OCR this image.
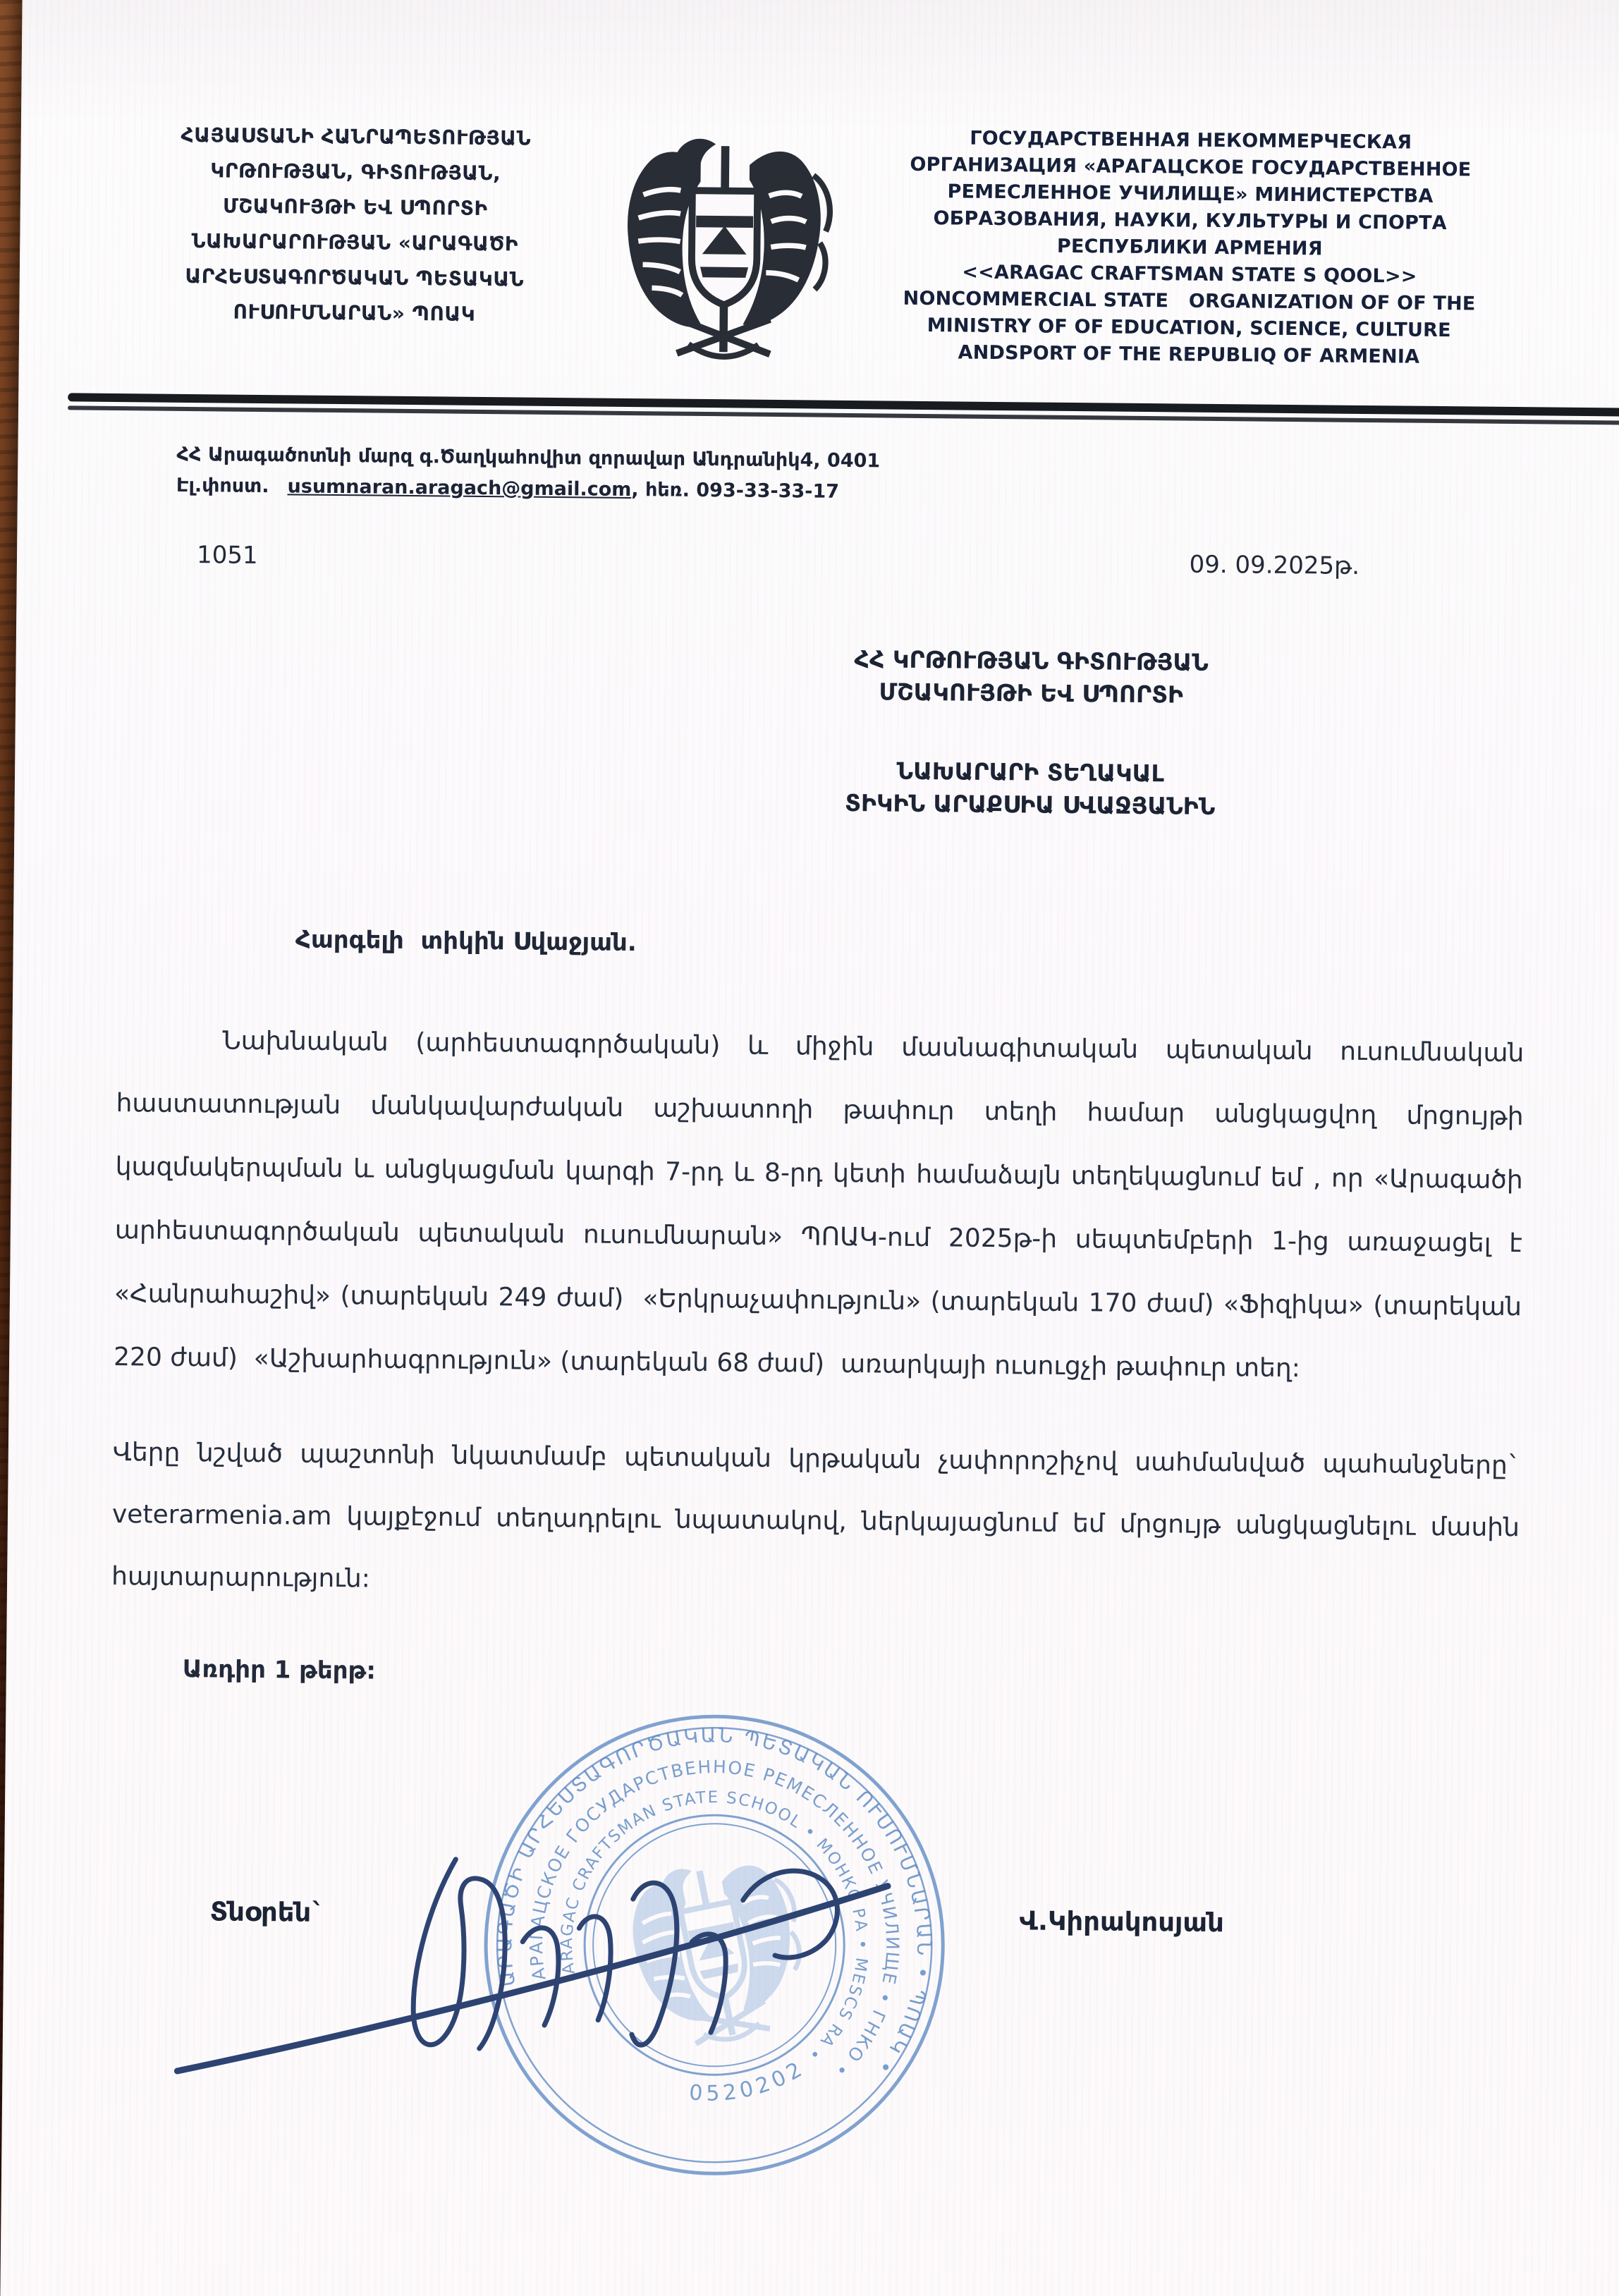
ՀԱՅԱՍՏԱՆԻ ՀԱՆՐԱՊԵՏՈՒԹՅԱՆ
ԿՐԹՈՒԹՅԱՆ, ԳԻՏՈՒԹՅԱՆ,
ՄՇԱԿՈՒՅԹԻ ԵՎ ՍՊՈՐՏԻ
ՆԱԽԱՐԱՐՈՒԹՅԱՆ «ԱՐԱԳԱԾԻ
ԱՐՀԵՍՏԱԳՈՐԾԱԿԱՆ ՊԵՏԱԿԱՆ
ՈՒՍՈՒՄՆԱՐԱՆ» ՊՈԱԿ
ГОСУДАРСТВЕННАЯ НЕКОММЕРЧЕСКАЯ
ОРГАНИЗАЦИЯ «АРАГАЦСКОЕ ГОСУДАРСТВЕННОЕ
РЕМЕСЛЕННОЕ УЧИЛИЩЕ» МИНИСТЕРСТВА
ОБРАЗОВАНИЯ, НАУКИ, КУЛЬТУРЫ И СПОРТА
РЕСПУБЛИКИ АРМЕНИЯ
<<ARAGAC CRAFTSMAN STATE S QOOL>>
NONCOMMERCIAL STATE   ORGANIZATION OF OF THE
MINISTRY OF OF EDUCATION, SCIENCE, CULTURE
ANDSPORT OF THE REPUBLIQ OF ARMENIA
ՀՀ Արագածոտնի մարզ գ.Ծաղկահովիտ զորավար Անդրանիկ4, 0401
Էլ.փոստ. usumnaran.aragach@gmail.com, հեռ. 093-33-33-17
1051	09. 09.2025թ.
ՀՀ ԿՐԹՈՒԹՅԱՆ ԳԻՏՈՒԹՅԱՆ
ՄՇԱԿՈՒՅԹԻ ԵՎ ՍՊՈՐՏԻ
ՆԱԽԱՐԱՐԻ ՏԵՂԱԿԱԼ
ՏԻԿԻՆ ԱՐԱՔՍԻԱ ՍՎԱՋՅԱՆԻՆ
Հարգելի  տիկին Սվաջյան.
Նախնական (արհեստագործական) և միջին մասնագիտական պետական ուսումնական հաստատության մանկավարժական աշխատողի թափուր տեղի համար անցկացվող մրցույթի կազմակերպման և անցկացման կարգի 7-րդ և 8-րդ կետի համաձայն տեղեկացնում եմ , որ «Արագածի արհեստագործական պետական ուսումնարան» ՊՈԱԿ-ում 2025թ-ի սեպտեմբերի 1-ից առաջացել է «Հանրահաշիվ» (տարեկան 249 ժամ)  «Երկրաչափություն» (տարեկան 170 ժամ) «Ֆիզիկա» (տարեկան 220 ժամ)  «Աշխարհագրություն» (տարեկան 68 ժամ)  առարկայի ուսուցչի թափուր տեղ:
Վերը նշված պաշտոնի նկատմամբ պետական կրթական չափորոշիչով սահմանված պահանջները` veterarmenia.am կայքէջում տեղադրելու նպատակով, ներկայացնում եմ մրցույթ անցկացնելու մասին հայտարարություն:
Առդիր 1 թերթ:
ԱՐԱԳԱԾԻ ԱՐՀԵՍՏԱԳՈՐԾԱԿԱՆ ՊԵՏԱԿԱՆ ՈՒՍՈՒՄՆԱՐԱՆ • ՊՈԱԿ •
АРАГАЦСКОЕ ГОСУДАРСТВЕННОЕ РЕМЕСЛЕННОЕ УЧИЛИЩЕ • ГНКО •
ARAGAC CRAFTSMAN STATE SCHOOL • МОНКС РА • MESCS RA •
0520202
Տնօրեն`	Վ.Կիրակոսյան
